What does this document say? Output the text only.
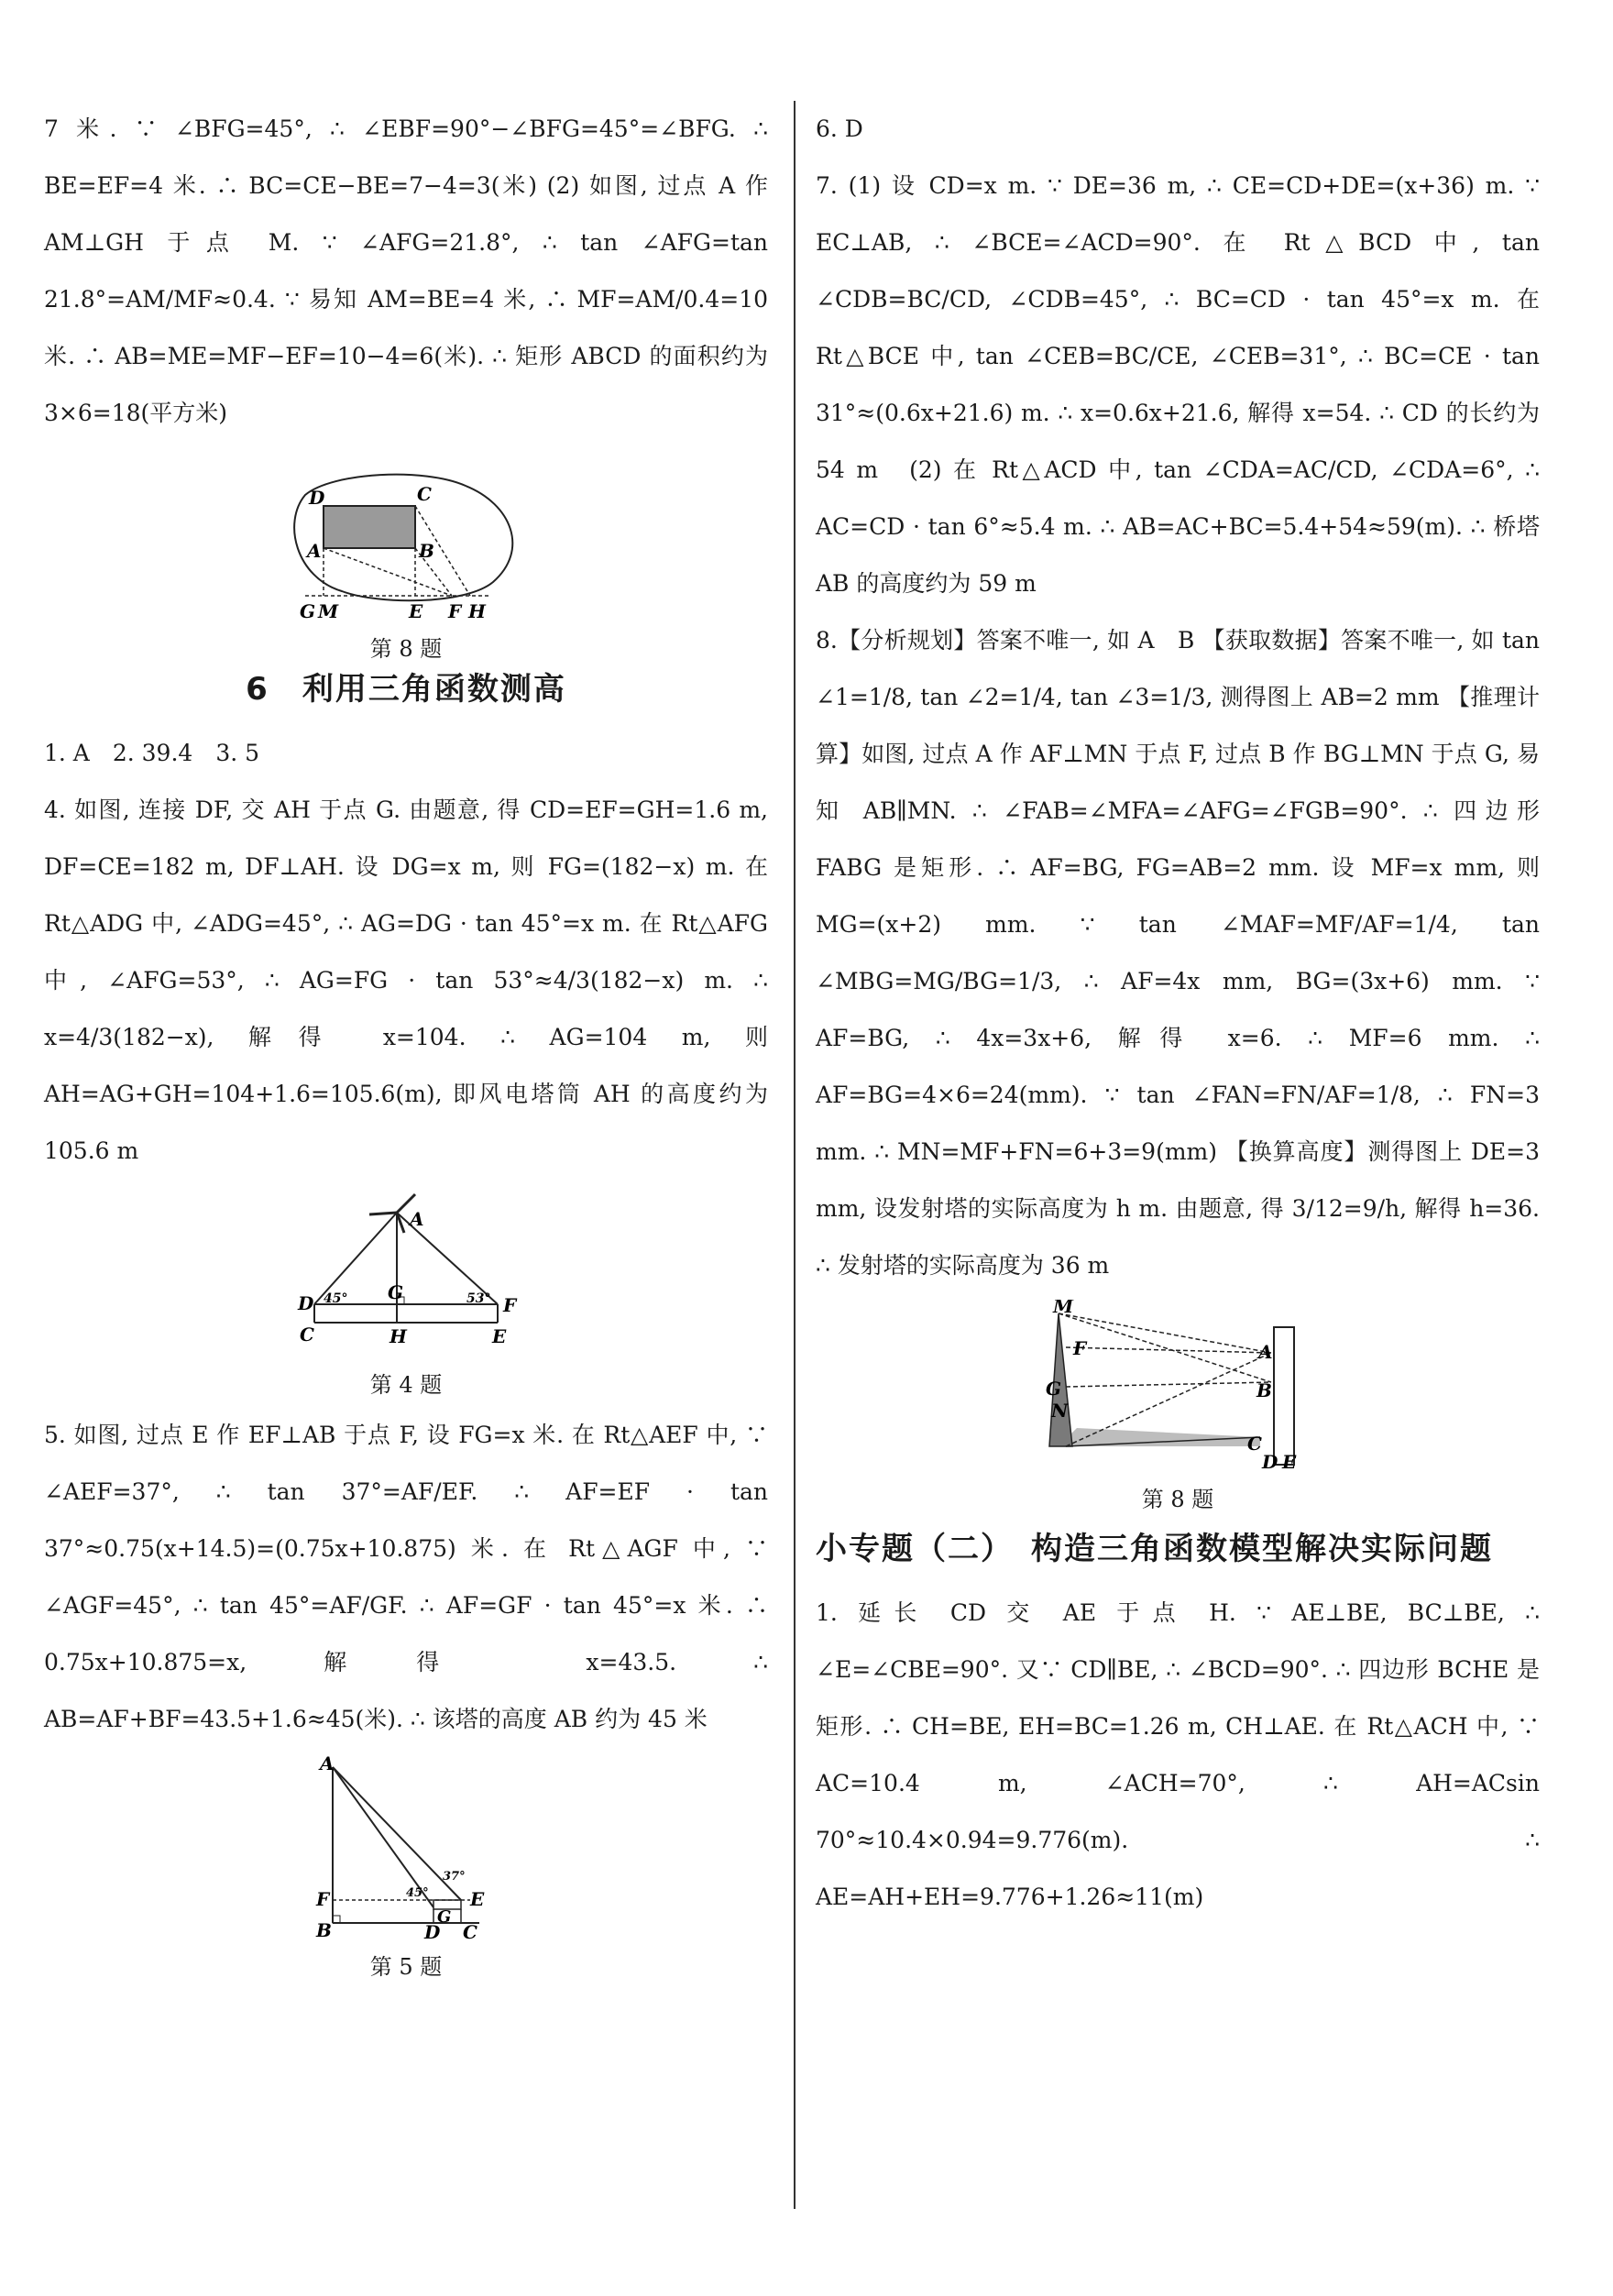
7 米. ∵ ∠BFG=45°, ∴ ∠EBF=90°−∠BFG=45°=∠BFG. ∴ BE=EF=4 米. ∴ BC=CE−BE=7−4=3(米) (2) 如图, 过点 A 作 AM⊥GH 于点 M. ∵ ∠AFG=21.8°, ∴ tan ∠AFG=tan 21.8°=AM/MF≈0.4. ∵ 易知 AM=BE=4 米, ∴ MF=AM/0.4=10 米. ∴ AB=ME=MF−EF=10−4=6(米). ∴ 矩形 ABCD 的面积约为 3×6=18(平方米)

D	C
A	B
G M	E F H
第 8 题
6　利用三角函数测高

1. A　2. 39.4　3. 5

4. 如图, 连接 DF, 交 AH 于点 G. 由题意, 得 CD=EF=GH=1.6 m, DF=CE=182 m, DF⊥AH. 设 DG=x m, 则 FG=(182−x) m. 在 Rt△ADG 中, ∠ADG=45°, ∴ AG=DG · tan 45°=x m. 在 Rt△AFG 中, ∠AFG=53°, ∴ AG=FG · tan 53°≈4/3(182−x) m. ∴ x=4/3(182−x), 解得 x=104. ∴ AG=104 m, 则 AH=AG+GH=104+1.6=105.6(m), 即风电塔筒 AH 的高度约为 105.6 m

A
D	G
F
C	H	E
45°	53°
第 4 题

5. 如图, 过点 E 作 EF⊥AB 于点 F, 设 FG=x 米. 在 Rt△AEF 中, ∵ ∠AEF=37°, ∴ tan 37°=AF/EF. ∴ AF=EF · tan 37°≈0.75(x+14.5)=(0.75x+10.875) 米. 在 Rt△AGF 中, ∵ ∠AGF=45°, ∴ tan 45°=AF/GF. ∴ AF=GF · tan 45°=x 米. ∴ 0.75x+10.875=x, 解得 x=43.5. ∴ AB=AF+BF=43.5+1.6≈45(米). ∴ 该塔的高度 AB 约为 45 米

A
F
B	D
G
C
E
45°
37°
第 5 题

6. D

7. (1) 设 CD=x m. ∵ DE=36 m, ∴ CE=CD+DE=(x+36) m. ∵ EC⊥AB, ∴ ∠BCE=∠ACD=90°. 在 Rt△BCD 中, tan ∠CDB=BC/CD, ∠CDB=45°, ∴ BC=CD · tan 45°=x m. 在 Rt△BCE 中, tan ∠CEB=BC/CE, ∠CEB=31°, ∴ BC=CE · tan 31°≈(0.6x+21.6) m. ∴ x=0.6x+21.6, 解得 x=54. ∴ CD 的长约为 54 m　(2) 在 Rt△ACD 中, tan ∠CDA=AC/CD, ∠CDA=6°, ∴ AC=CD · tan 6°≈5.4 m. ∴ AB=AC+BC=5.4+54≈59(m). ∴ 桥塔 AB 的高度约为 59 m

8.【分析规划】答案不唯一, 如 A　B 【获取数据】答案不唯一, 如 tan ∠1=1/8, tan ∠2=1/4, tan ∠3=1/3, 测得图上 AB=2 mm 【推理计算】如图, 过点 A 作 AF⊥MN 于点 F, 过点 B 作 BG⊥MN 于点 G, 易知 AB∥MN. ∴ ∠FAB=∠MFA=∠AFG=∠FGB=90°. ∴ 四边形 FABG 是矩形. ∴ AF=BG, FG=AB=2 mm. 设 MF=x mm, 则 MG=(x+2) mm. ∵ tan ∠MAF=MF/AF=1/4, tan ∠MBG=MG/BG=1/3, ∴ AF=4x mm, BG=(3x+6) mm. ∵ AF=BG, ∴ 4x=3x+6, 解得 x=6. ∴ MF=6 mm. ∴ AF=BG=4×6=24(mm). ∵ tan ∠FAN=FN/AF=1/8, ∴ FN=3 mm. ∴ MN=MF+FN=6+3=9(mm) 【换算高度】测得图上 DE=3 mm, 设发射塔的实际高度为 h m. 由题意, 得 3/12=9/h, 解得 h=36. ∴ 发射塔的实际高度为 36 m

M
F
G
N
A
B
C
D E
第 8 题
小专题（二）　构造三角函数模型解决实际问题

1. 延长 CD 交 AE 于点 H. ∵ AE⊥BE, BC⊥BE, ∴ ∠E=∠CBE=90°. 又∵ CD∥BE, ∴ ∠BCD=90°. ∴ 四边形 BCHE 是矩形. ∴ CH=BE, EH=BC=1.26 m, CH⊥AE. 在 Rt△ACH 中, ∵ AC=10.4 m, ∠ACH=70°, ∴ AH=ACsin 70°≈10.4×0.94=9.776(m). ∴ AE=AH+EH=9.776+1.26≈11(m)
